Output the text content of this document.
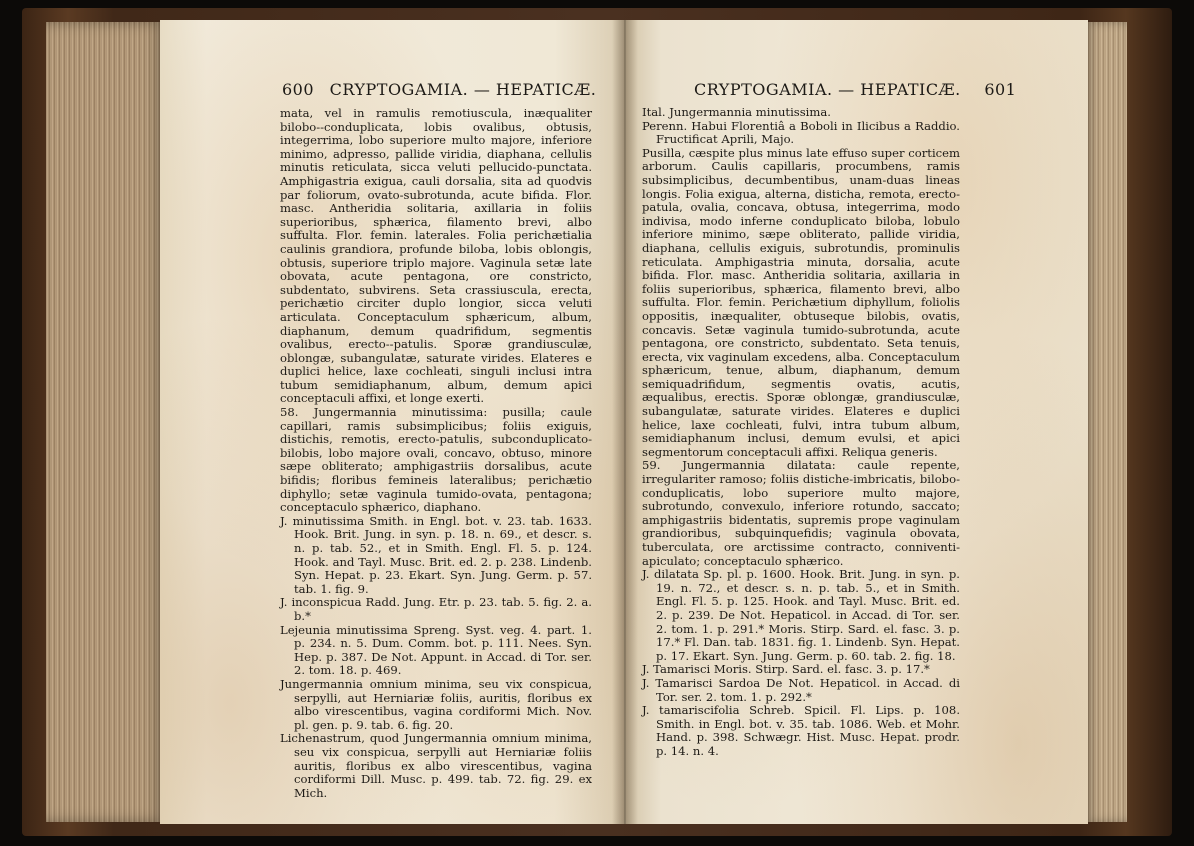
600 CRYPTOGAMIA. — HEPATICÆ.

mata, vel in ramulis remotiuscula, inæqualiter bilobo--conduplicata, lobis ovalibus, obtusis, integerrima, lobo superiore multo majore, inferiore minimo, adpresso, pallide viridia, diaphana, cellulis minutis reticulata, sicca veluti pellucido-punctata. Amphigastria exigua, cauli dorsalia, sita ad quodvis par foliorum, ovato-subrotunda, acute bifida. Flor. masc. Antheridia solitaria, axillaria in foliis superioribus, sphærica, filamento brevi, albo suffulta. Flor. femin. laterales. Folia perichætialia caulinis grandiora, profunde biloba, lobis oblongis, obtusis, superiore triplo majore. Vaginula setæ late obovata, acute pentagona, ore constricto, subdentato, subvirens. Seta crassiuscula, erecta, perichætio circiter duplo longior, sicca veluti articulata. Conceptaculum sphæricum, album, diaphanum, demum quadrifidum, segmentis ovalibus, erecto--patulis. Sporæ grandiusculæ, oblongæ, subangulatæ, saturate virides. Elateres e duplici helice, laxe cochleati, singuli inclusi intra tubum semidiaphanum, album, demum apici conceptaculi affixi, et longe exerti.

58. Jungermannia minutissima: pusilla; caule capillari, ramis subsimplicibus; foliis exiguis, distichis, remotis, erecto-patulis, subconduplicato-bilobis, lobo majore ovali, concavo, obtuso, minore sæpe obliterato; amphigastriis dorsalibus, acute bifidis; floribus femineis lateralibus; perichætio diphyllo; setæ vaginula tumido-ovata, pentagona; conceptaculo sphærico, diaphano.

J. minutissima Smith. in Engl. bot. v. 23. tab. 1633. Hook. Brit. Jung. in syn. p. 18. n. 69., et descr. s. n. p. tab. 52., et in Smith. Engl. Fl. 5. p. 124. Hook. and Tayl. Musc. Brit. ed. 2. p. 238. Lindenb. Syn. Hepat. p. 23. Ekart. Syn. Jung. Germ. p. 57. tab. 1. fig. 9.

J. inconspicua Radd. Jung. Etr. p. 23. tab. 5. fig. 2. a. b.*

Lejeunia minutissima Spreng. Syst. veg. 4. part. 1. p. 234. n. 5. Dum. Comm. bot. p. 111. Nees. Syn. Hep. p. 387. De Not. Appunt. in Accad. di Tor. ser. 2. tom. 18. p. 469.

Jungermannia omnium minima, seu vix conspicua, serpylli, aut Herniariæ foliis, auritis, floribus ex albo virescentibus, vagina cordiformi Mich. Nov. pl. gen. p. 9. tab. 6. fig. 20.

Lichenastrum, quod Jungermannia omnium minima, seu vix conspicua, serpylli aut Herniariæ foliis auritis, floribus ex albo virescentibus, vagina cordiformi Dill. Musc. p. 499. tab. 72. fig. 29. ex Mich.

CRYPTOGAMIA. — HEPATICÆ. 601

Ital. Jungermannia minutissima.

Perenn. Habui Florentiâ a Boboli in Ilicibus a Raddio. Fructificat Aprili, Majo.

Pusilla, cæspite plus minus late effuso super corticem arborum. Caulis capillaris, procumbens, ramis subsimplicibus, decumbentibus, unam-duas lineas longis. Folia exigua, alterna, disticha, remota, erecto-patula, ovalia, concava, obtusa, integerrima, modo indivisa, modo inferne conduplicato biloba, lobulo inferiore minimo, sæpe obliterato, pallide viridia, diaphana, cellulis exiguis, subrotundis, prominulis reticulata. Amphigastria minuta, dorsalia, acute bifida. Flor. masc. Antheridia solitaria, axillaria in foliis superioribus, sphærica, filamento brevi, albo suffulta. Flor. femin. Perichætium diphyllum, foliolis oppositis, inæqualiter, obtuseque bilobis, ovatis, concavis. Setæ vaginula tumido-subrotunda, acute pentagona, ore constricto, subdentato. Seta tenuis, erecta, vix vaginulam excedens, alba. Conceptaculum sphæricum, tenue, album, diaphanum, demum semiquadrifidum, segmentis ovatis, acutis, æqualibus, erectis. Sporæ oblongæ, grandiusculæ, subangulatæ, saturate virides. Elateres e duplici helice, laxe cochleati, fulvi, intra tubum album, semidiaphanum inclusi, demum evulsi, et apici segmentorum conceptaculi affixi. Reliqua generis.

59. Jungermannia dilatata: caule repente, irregulariter ramoso; foliis distiche-imbricatis, bilobo-conduplicatis, lobo superiore multo majore, subrotundo, convexulo, inferiore rotundo, saccato; amphigastriis bidentatis, supremis prope vaginulam grandioribus, subquinquefidis; vaginula obovata, tuberculata, ore arctissime contracto, conniventi-apiculato; conceptaculo sphærico.

J. dilatata Sp. pl. p. 1600. Hook. Brit. Jung. in syn. p. 19. n. 72., et descr. s. n. p. tab. 5., et in Smith. Engl. Fl. 5. p. 125. Hook. and Tayl. Musc. Brit. ed. 2. p. 239. De Not. Hepaticol. in Accad. di Tor. ser. 2. tom. 1. p. 291.* Moris. Stirp. Sard. el. fasc. 3. p. 17.* Fl. Dan. tab. 1831. fig. 1. Lindenb. Syn. Hepat. p. 17. Ekart. Syn. Jung. Germ. p. 60. tab. 2. fig. 18.

J. Tamarisci Moris. Stirp. Sard. el. fasc. 3. p. 17.*

J. Tamarisci Sardoa De Not. Hepaticol. in Accad. di Tor. ser. 2. tom. 1. p. 292.*

J. tamariscifolia Schreb. Spicil. Fl. Lips. p. 108. Smith. in Engl. bot. v. 35. tab. 1086. Web. et Mohr. Hand. p. 398. Schwægr. Hist. Musc. Hepat. prodr. p. 14. n. 4.
